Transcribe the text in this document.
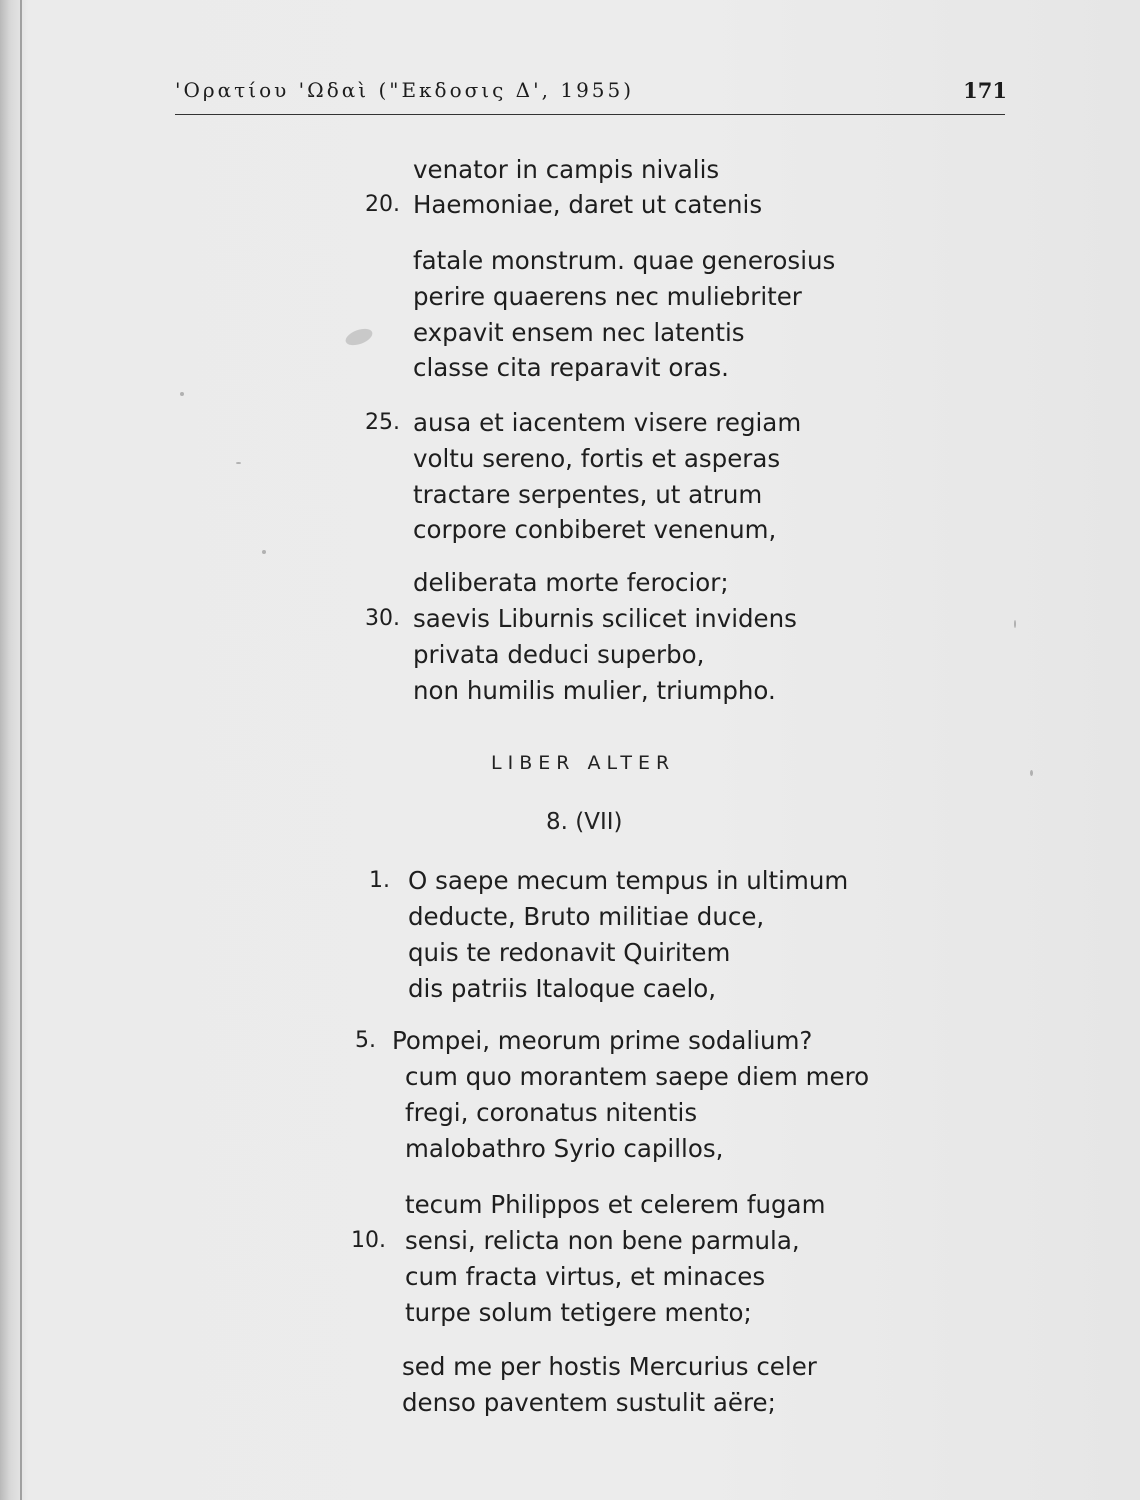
'Ορατίου 'Ωδαὶ ("Εκδοσις Δ', 1955)	171
venator in campis nivalis
20. Haemoniae, daret ut catenis
fatale monstrum. quae generosius
perire quaerens nec muliebriter
expavit ensem nec latentis
classe cita reparavit oras.
25. ausa et iacentem visere regiam
voltu sereno, fortis et asperas
tractare serpentes, ut atrum
corpore conbiberet venenum,
deliberata morte ferocior;
30. saevis Liburnis scilicet invidens
privata deduci superbo,
non humilis mulier, triumpho.
LIBER ALTER
8. (VII)
1. O saepe mecum tempus in ultimum
deducte, Bruto militiae duce,
quis te redonavit Quiritem
dis patriis Italoque caelo,
5. Pompei, meorum prime sodalium?
cum quo morantem saepe diem mero
fregi, coronatus nitentis
malobathro Syrio capillos,
tecum Philippos et celerem fugam
10. sensi, relicta non bene parmula,
cum fracta virtus, et minaces
turpe solum tetigere mento;
sed me per hostis Mercurius celer
denso paventem sustulit aëre;
